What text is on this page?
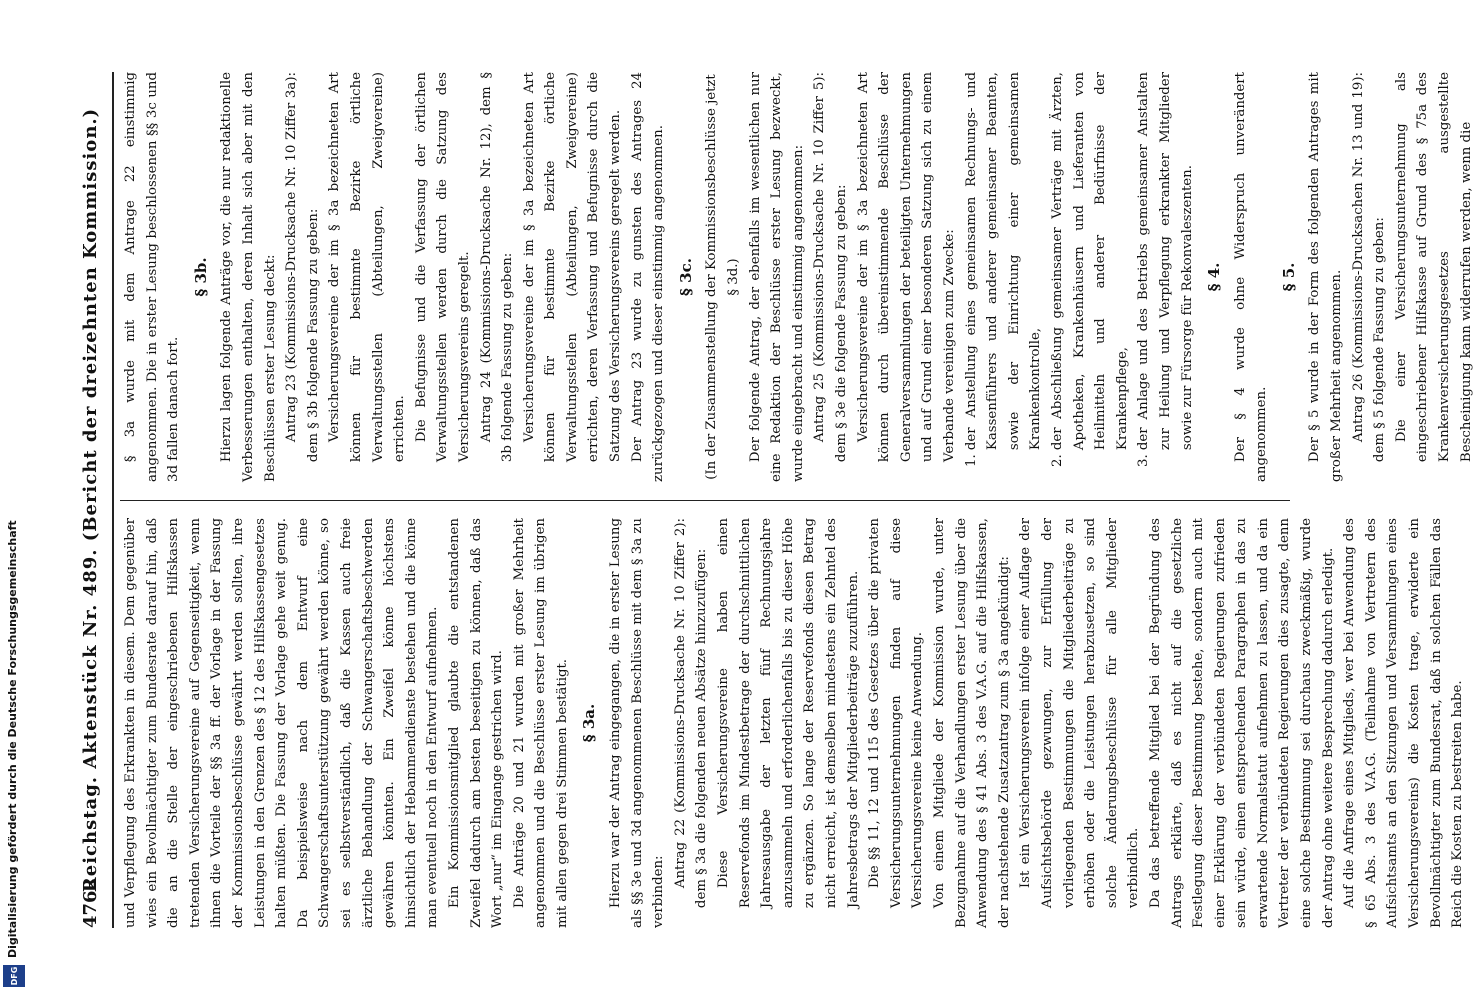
4762
Reichstag. Aktenstück Nr. 489. (Bericht der dreizehnten Kommission.) und Verpflegung des Erkrankten in diesem. Dem gegenüber wies ein Bevollmächtigter zum Bundesrate darauf hin, daß die an die Stelle der eingeschriebenen Hilfskassen tretenden Versicherungsvereine auf Gegenseitigkeit, wenn ihnen die Vorteile der §§ 3a ff. der Vorlage in der Fassung der Kommissionsbeschlüsse gewährt werden sollten, ihre Leistungen in den Grenzen des § 12 des Hilfskassengesetzes halten müßten. Die Fassung der Vorlage gehe weit genug. Da beispielsweise nach dem Entwurf eine Schwangerschaftsunterstützung gewährt werden könne, so sei es selbstverständlich, daß die Kassen auch freie ärztliche Behandlung der Schwangerschaftsbeschwerden gewähren könnten. Ein Zweifel könne höchstens hinsichtlich der Hebammendienste bestehen und die könne man eventuell noch in den Entwurf aufnehmen. Ein Kommissionsmitglied glaubte die entstandenen Zweifel dadurch am besten beseitigen zu können, daß das Wort „nur“ im Eingange gestrichen wird. Die Anträge 20 und 21 wurden mit großer Mehrheit angenommen und die Beschlüsse erster Lesung im übrigen mit allen gegen drei Stimmen bestätigt. § 3a. Hierzu war der Antrag eingegangen, die in erster Lesung als §§ 3e und 3d angenommenen Beschlüsse mit dem § 3a zu verbinden:

Antrag 22 (Kommissions-Drucksache Nr. 10 Ziffer 2): dem § 3a die folgenden neuen Absätze hinzuzufügen: Diese Versicherungsvereine haben einen Reservefonds im Mindestbetrage der durchschnittlichen Jahresausgabe der letzten fünf Rechnungsjahre anzusammeln und erforderlichenfalls bis zu dieser Höhe zu ergänzen. So lange der Reservefonds diesen Betrag nicht erreicht, ist demselben mindestens ein Zehntel des Jahresbetrags der Mitgliederbeiträge zuzuführen. Die §§ 11, 12 und 115 des Gesetzes über die privaten Versicherungsunternehmungen finden auf diese Versicherungsvereine keine Anwendung. Von einem Mitgliede der Kommission wurde, unter Bezugnahme auf die Verhandlungen erster Lesung über die Anwendung des § 41 Abs. 3 des V.A.G. auf die Hilfskassen, der nachstehende Zusatzantrag zum § 3a angekündigt: Ist ein Versicherungsverein infolge einer Auflage der Aufsichtsbehörde gezwungen, zur Erfüllung der vorliegenden Bestimmungen die Mitgliederbeiträge zu erhöhen oder die Leistungen herabzusetzen, so sind solche Änderungsbeschlüsse für alle Mitglieder verbindlich. Da das betreffende Mitglied bei der Begründung des Antrags erklärte, daß es nicht auf die gesetzliche Festlegung dieser Bestimmung bestehe, sondern auch mit einer Erklärung der verbündeten Regierungen zufrieden sein würde, einen entsprechenden Paragraphen in das zu erwartende Normalstatut aufnehmen zu lassen, und da ein Vertreter der verbündeten Regierungen dies zusagte, denn eine solche Bestimmung sei durchaus zweckmäßig, wurde der Antrag ohne weitere Besprechung dadurch erledigt. Auf die Anfrage eines Mitglieds, wer bei Anwendung des § 65 Abs. 3 des V.A.G. (Teilnahme von Vertretern des Aufsichtsamts an den Sitzungen und Versammlungen eines Versicherungsvereins) die Kosten trage, erwiderte ein Bevollmächtigter zum Bundesrat, daß in solchen Fällen das Reich die Kosten zu bestreiten habe.

§ 3a wurde mit dem Antrage 22 einstimmig angenommen. Die in erster Lesung beschlossenen §§ 3c und 3d fallen danach fort.

§ 3b. Hierzu lagen folgende Anträge vor, die nur redaktionelle Verbesserungen enthalten, deren Inhalt sich aber mit den Beschlüssen erster Lesung deckt: Antrag 23 (Kommissions-Drucksache Nr. 10 Ziffer 3a): dem § 3b folgende Fassung zu geben: Versicherungsvereine der im § 3a bezeichneten Art können für bestimmte Bezirke örtliche Verwaltungsstellen (Abteilungen, Zweigvereine) errichten. Die Befugnisse und die Verfassung der örtlichen Verwaltungsstellen werden durch die Satzung des Versicherungsvereins geregelt. Antrag 24 (Kommissions-Drucksache Nr. 12), dem § 3b folgende Fassung zu geben: Versicherungsvereine der im § 3a bezeichneten Art können für bestimmte Bezirke örtliche Verwaltungsstellen (Abteilungen, Zweigvereine) errichten, deren Verfassung und Befugnisse durch die Satzung des Versicherungsvereins geregelt werden. Der Antrag 23 wurde zu gunsten des Antrages 24 zurückgezogen und dieser einstimmig angenommen. § 3c. (In der Zusammenstellung der Kommissionsbeschlüsse jetzt § 3d.) Der folgende Antrag, der ebenfalls im wesentlichen nur eine Redaktion der Beschlüsse erster Lesung bezweckt, wurde eingebracht und einstimmig angenommen: Antrag 25 (Kommissions-Drucksache Nr. 10 Ziffer 5): dem § 3e die folgende Fassung zu geben: Versicherungsvereine der im § 3a bezeichneten Art können durch übereinstimmende Beschlüsse der Generalversammlungen der beteiligten Unternehmungen und auf Grund einer besonderen Satzung sich zu einem Verbande vereinigen zum Zwecke: 1. der Anstellung eines gemeinsamen Rechnungs- und Kassenführers und anderer gemeinsamer Beamten, sowie der Einrichtung einer gemeinsamen Krankenkontrolle, 2. der Abschließung gemeinsamer Verträge mit Ärzten, Apotheken, Krankenhäusern und Lieferanten von Heilmitteln und anderer Bedürfnisse der Krankenpflege, 3. der Anlage und des Betriebs gemeinsamer Anstalten zur Heilung und Verpflegung erkrankter Mitglieder sowie zur Fürsorge für Rekonvaleszenten. § 4. Der § 4 wurde ohne Widerspruch unverändert angenommen.

§ 5. Der § 5 wurde in der Form des folgenden Antrages mit großer Mehrheit angenommen. Antrag 26 (Kommissions-Drucksachen Nr. 13 und 19): dem § 5 folgende Fassung zu geben: Die einer Versicherungsunternehmung als eingeschriebener Hilfskasse auf Grund des § 75a des Krankenversicherungsgesetzes ausgestellte Bescheinigung kann widerrufen werden, wenn die

Digitalisierung gefördert durch die Deutsche Forschungsgemeinschaft
DFG
